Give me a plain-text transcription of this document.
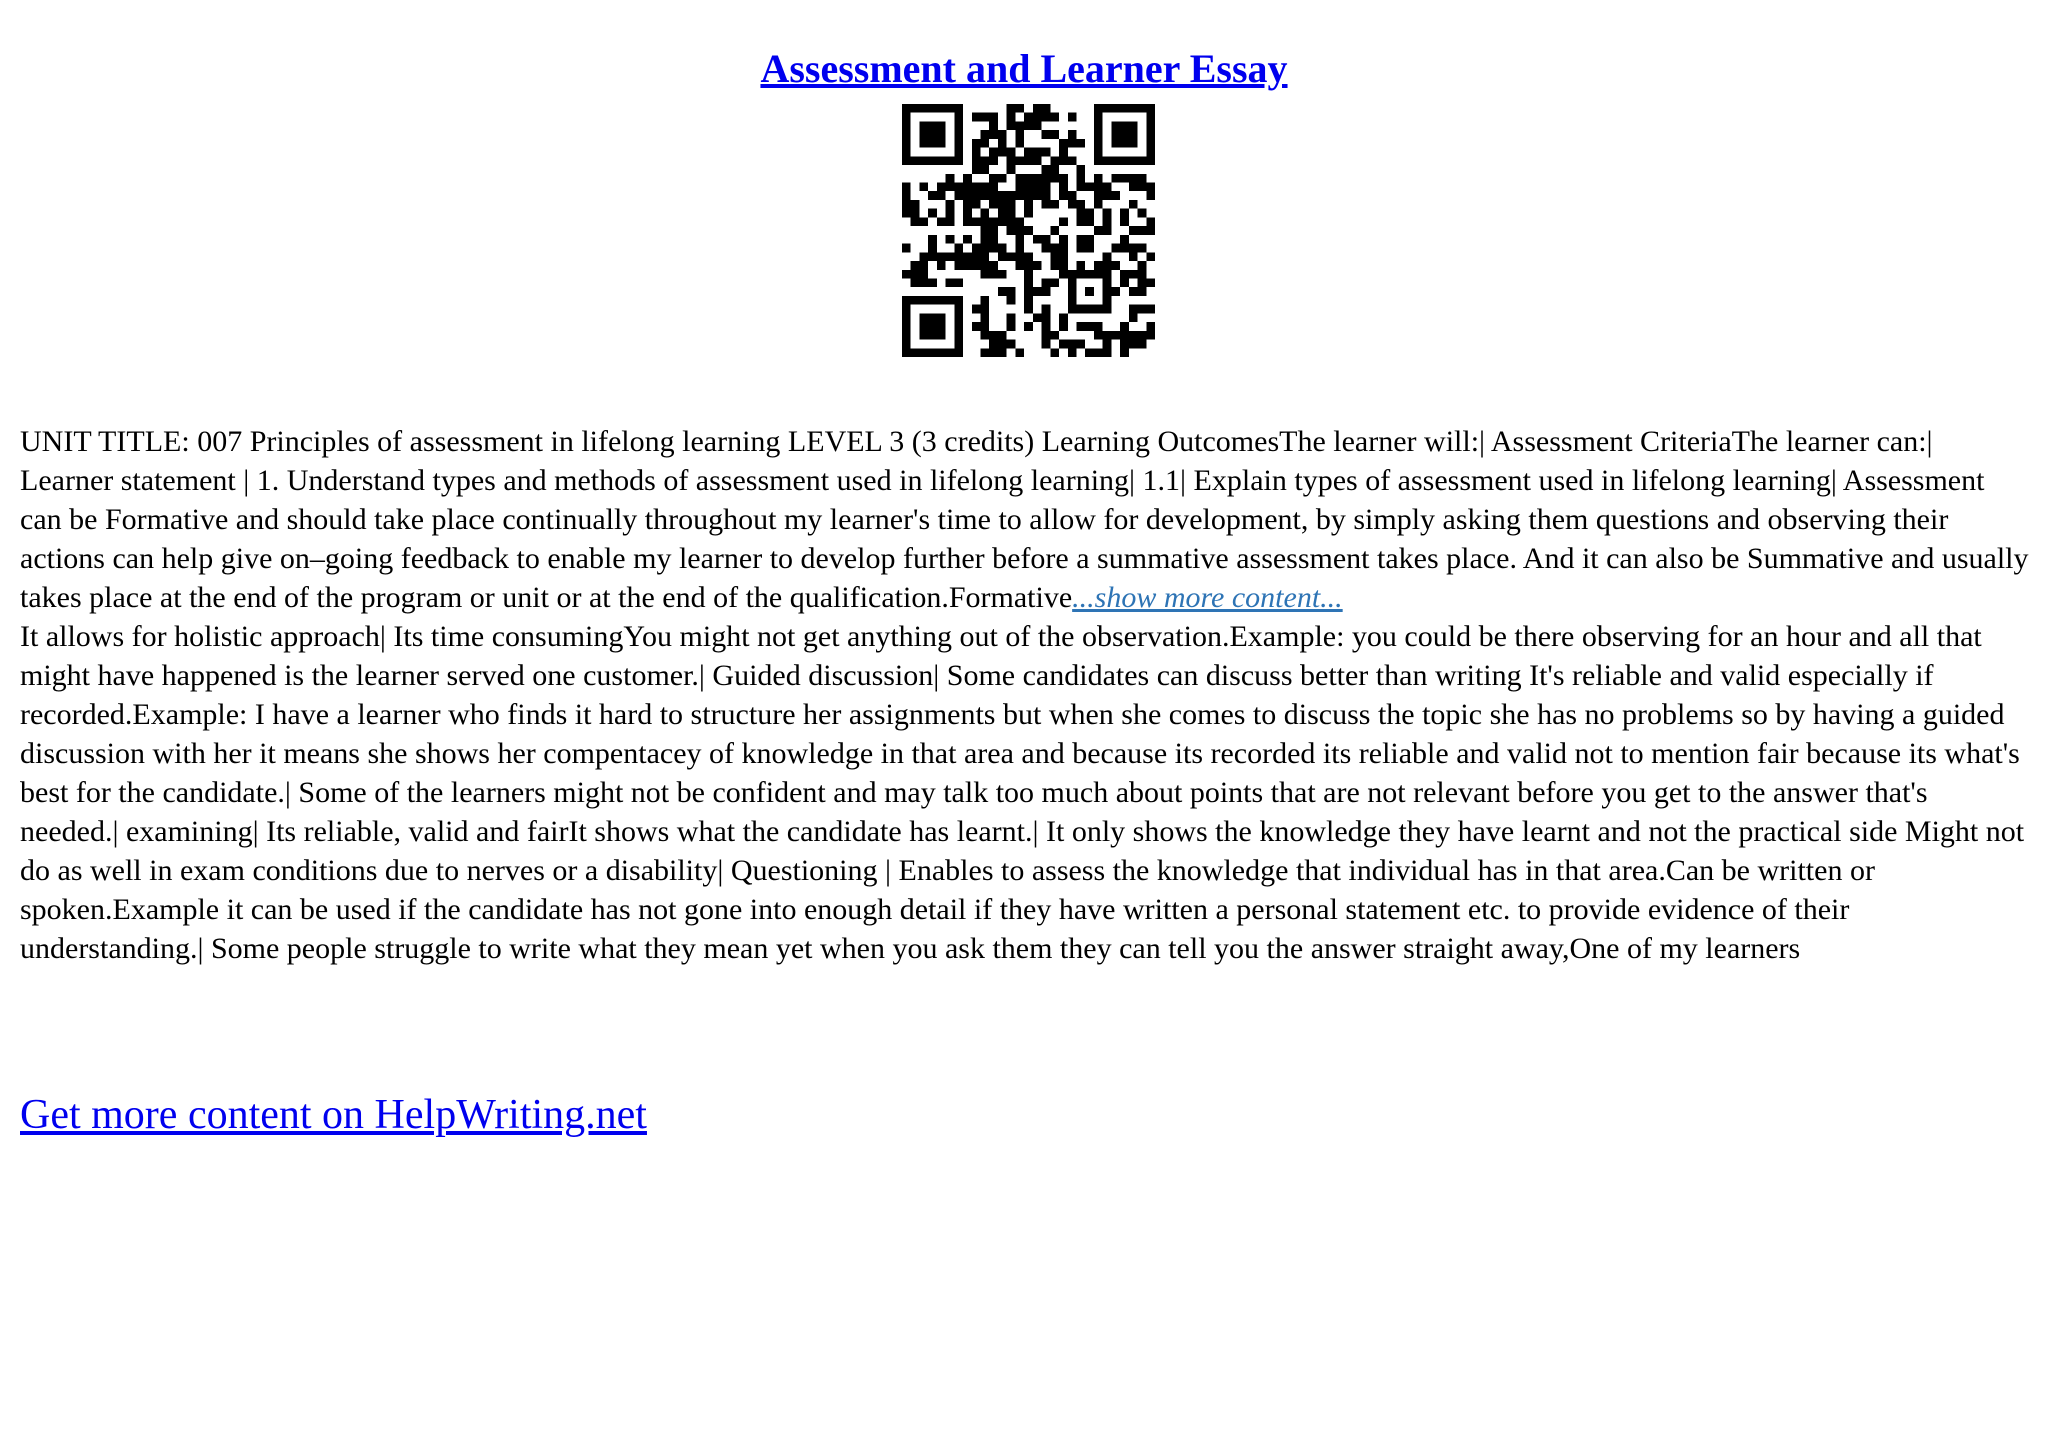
Assessment and Learner Essay

UNIT TITLE: 007 Principles of assessment in lifelong learning LEVEL 3 (3 credits) Learning OutcomesThe learner will:| Assessment CriteriaThe learner can:| Learner statement | 1. Understand types and methods of assessment used in lifelong learning| 1.1| Explain types of assessment used in lifelong learning| Assessment can be Formative and should take place continually throughout my learner's time to allow for development, by simply asking them questions and observing their actions can help give on–going feedback to enable my learner to develop further before a summative assessment takes place. And it can also be Summative and usually takes place at the end of the program or unit or at the end of the qualification.Formative...show more content...

It allows for holistic approach| Its time consumingYou might not get anything out of the observation.Example: you could be there observing for an hour and all that might have happened is the learner served one customer.| Guided discussion| Some candidates can discuss better than writing It's reliable and valid especially if recorded.Example: I have a learner who finds it hard to structure her assignments but when she comes to discuss the topic she has no problems so by having a guided discussion with her it means she shows her compentacey of knowledge in that area and because its recorded its reliable and valid not to mention fair because its what's best for the candidate.| Some of the learners might not be confident and may talk too much about points that are not relevant before you get to the answer that's needed.| examining| Its reliable, valid and fairIt shows what the candidate has learnt.| It only shows the knowledge they have learnt and not the practical side Might not do as well in exam conditions due to nerves or a disability| Questioning | Enables to assess the knowledge that individual has in that area.Can be written or spoken.Example it can be used if the candidate has not gone into enough detail if they have written a personal statement etc. to provide evidence of their understanding.| Some people struggle to write what they mean yet when you ask them they can tell you the answer straight away,One of my learners

Get more content on HelpWriting.net
